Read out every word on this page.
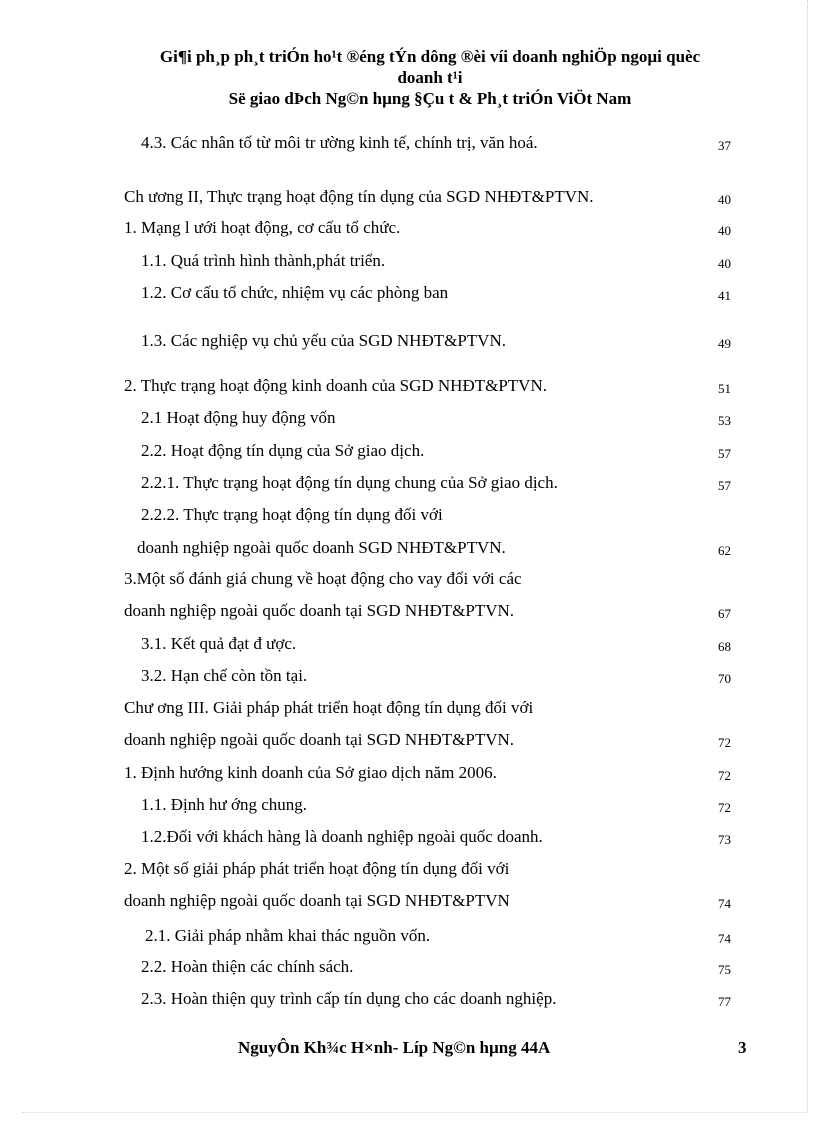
Gi¶i ph¸p ph¸t triÓn ho¹t ®éng tÝn dông ®èi víi doanh nghiÖp ngoµi quèc
doanh t¹i
Së giao dÞch Ng©n hµng §Çu t & Ph¸t triÓn ViÖt Nam
4.3. Các nhân tố từ môi tr ường kinh tế, chính trị, văn hoá.	37
Ch ương II, Thực trạng hoạt động tín dụng của SGD NHĐT&PTVN.	40
1. Mạng l ưới hoạt động, cơ cấu tổ chức.	40
1.1. Quá trình hình thành,phát triển.	40
1.2. Cơ cấu tổ chức, nhiệm vụ các phòng ban	41
1.3. Các nghiệp vụ chủ yếu của SGD NHĐT&PTVN.	49
2. Thực trạng hoạt động kinh doanh của SGD NHĐT&PTVN.	51
2.1 Hoạt động huy động vốn	53
2.2. Hoạt động tín dụng của Sở giao dịch.	57
2.2.1. Thực trạng hoạt động tín dụng chung của Sở giao dịch.	57
2.2.2. Thực trạng hoạt động tín dụng đối với
doanh nghiệp ngoài quốc doanh SGD NHĐT&PTVN.	62
3.Một số đánh giá chung về hoạt động cho vay đối với các
doanh nghiệp ngoài quốc doanh tại SGD NHĐT&PTVN.	67
3.1. Kết quả đạt đ ược.	68
3.2. Hạn chế còn tồn tại.	70
Chư ơng III. Giải pháp phát triển hoạt động tín dụng đối với
doanh nghiệp ngoài quốc doanh tại SGD NHĐT&PTVN.	72
1. Định hướng kinh doanh của Sở giao dịch năm 2006.	72
1.1. Định hư ớng chung.	72
1.2.Đối với khách hàng là doanh nghiệp ngoài quốc doanh.	73
2. Một số giải pháp phát triển hoạt động tín dụng đối với
doanh nghiệp ngoài quốc doanh tại SGD NHĐT&PTVN	74
2.1. Giải pháp nhằm khai thác nguồn vốn.	74
2.2. Hoàn thiện các chính sách.	75
2.3. Hoàn thiện quy trình cấp tín dụng cho các doanh nghiệp.	77
NguyÔn Kh¾c H×nh- Líp Ng©n hµng 44A	3
